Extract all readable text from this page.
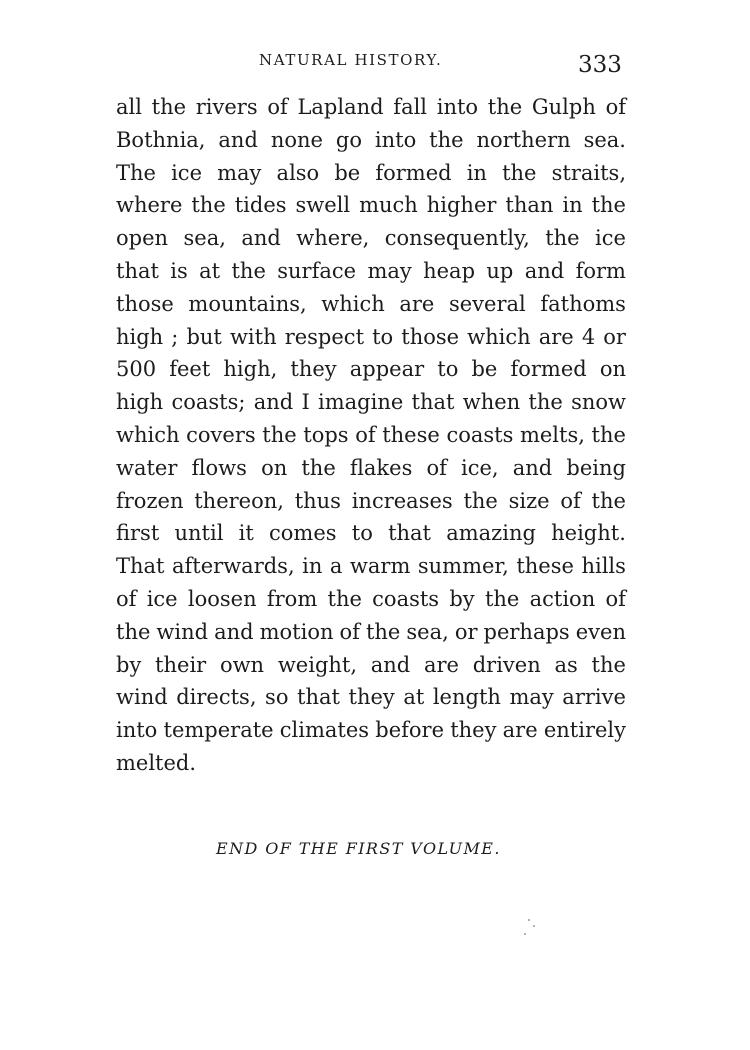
NATURAL HISTORY.	333
all the rivers of Lapland fall into the Gulph of
Bothnia, and none go into the northern sea.
The ice may also be formed in the straits,
where the tides swell much higher than in the
open sea, and where, consequently, the ice
that is at the surface may heap up and form
those mountains, which are several fathoms
high ; but with respect to those which are 4 or
500 feet high, they appear to be formed on
high coasts; and I imagine that when the snow
which covers the tops of these coasts melts, the
water flows on the flakes of ice, and being
frozen thereon, thus increases the size of the
first until it comes to that amazing height.
That afterwards, in a warm summer, these hills
of ice loosen from the coasts by the action of
the wind and motion of the sea, or perhaps even
by their own weight, and are driven as the
wind directs, so that they at length may arrive
into temperate climates before they are entirely
melted.
END OF THE FIRST VOLUME.
